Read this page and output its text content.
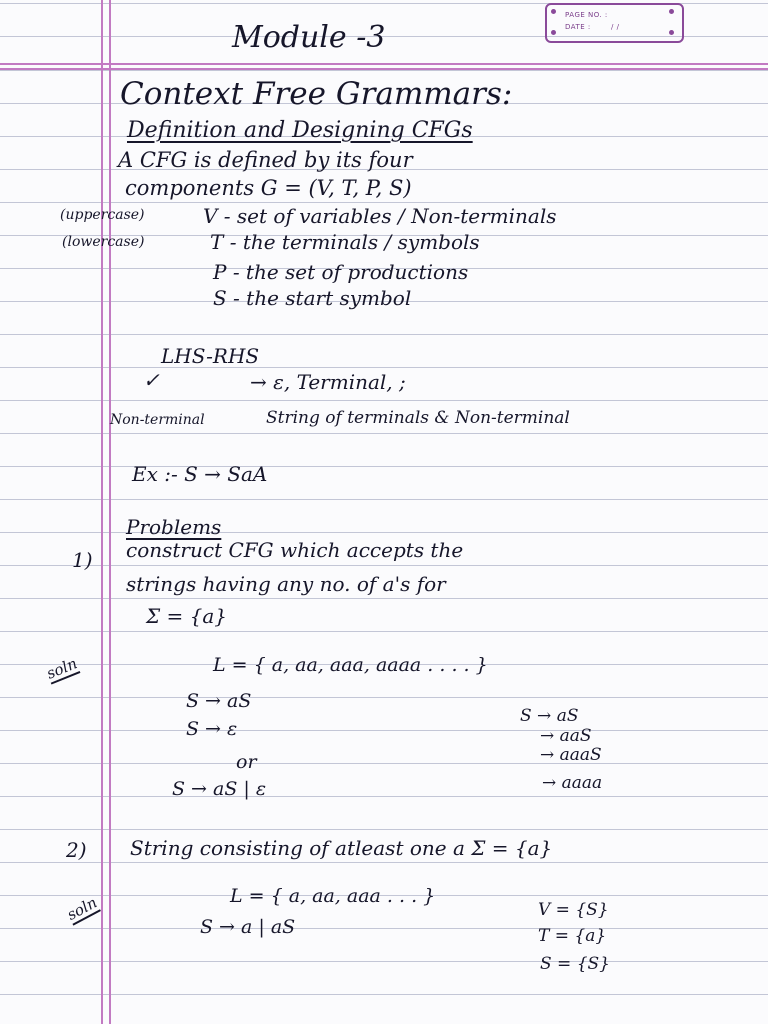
PAGE NO. :
DATE :	/ /
Module -3
Context Free Grammars:
Definition and Designing CFGs
A CFG is defined by its four
components G = (V, T, P, S)
(uppercase)
(lowercase)
V - set of variables / Non-terminals
T - the terminals / symbols
P - the set of productions
S - the start symbol
LHS-RHS
✓	→ ε, Terminal, ;
Non-terminal	String of terminals & Non-terminal
Ex :- S → SaA
Problems
1) construct CFG which accepts the
strings having any no. of a's for
Σ = {a}
soln	L = { a, aa, aaa, aaaa . . . . }
S → aS
S → ε
or
S → aS | ε
S → aS
→ aaS
→ aaaS
→ aaaa
2) String consisting of atleast one a Σ = {a}
soln	L = { a, aa, aaa . . . }
S → a | aS
V = {S}
T = {a}
S = {S}
